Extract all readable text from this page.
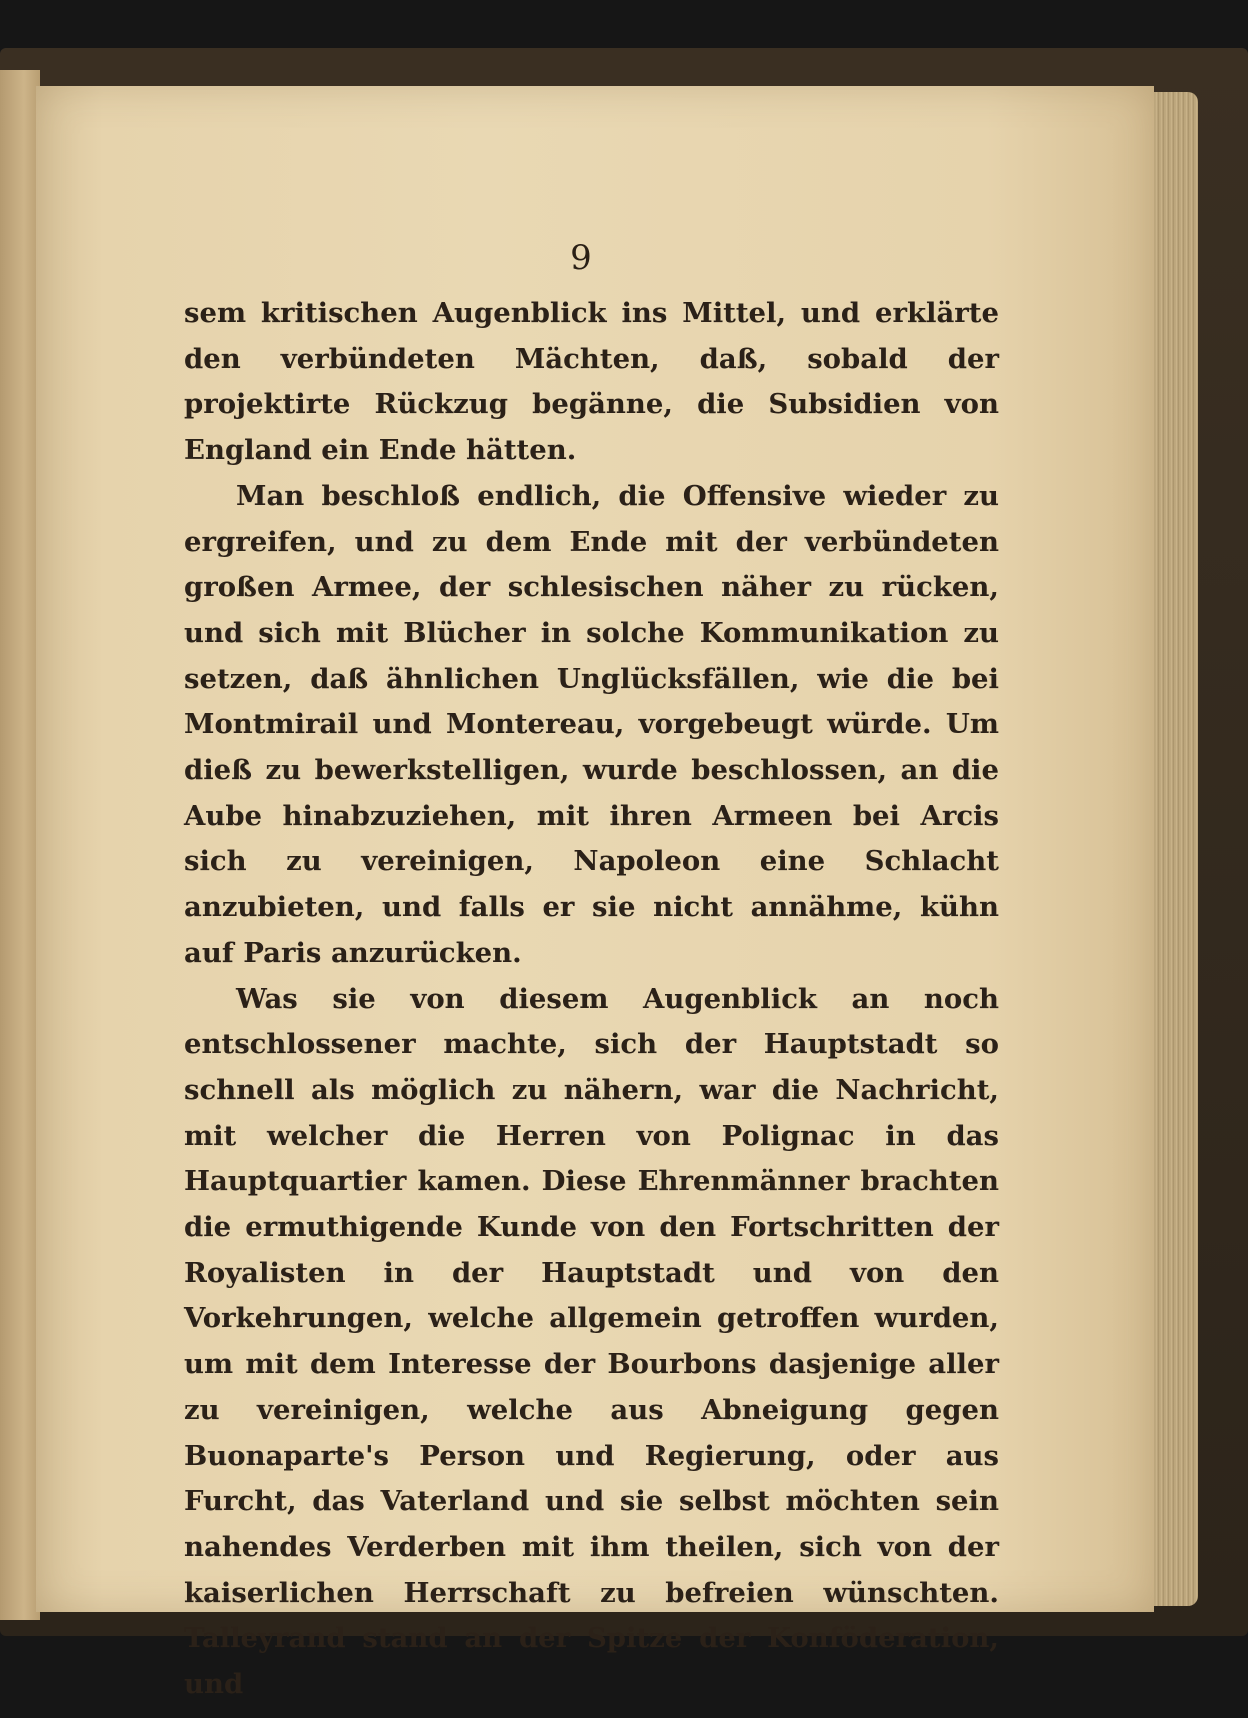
9

sem kritischen Augenblick ins Mittel, und erklärte den verbündeten Mächten, daß, sobald der projektirte Rückzug begänne, die Subsidien von England ein Ende hätten.

Man beschloß endlich, die Offensive wieder zu ergreifen, und zu dem Ende mit der verbündeten großen Armee, der schlesischen näher zu rücken, und sich mit Blücher in solche Kommunikation zu setzen, daß ähnlichen Unglücksfällen, wie die bei Montmirail und Montereau, vorgebeugt würde. Um dieß zu bewerkstelligen, wurde beschlossen, an die Aube hinabzuziehen, mit ihren Armeen bei Arcis sich zu vereinigen, Napoleon eine Schlacht anzubieten, und falls er sie nicht annähme, kühn auf Paris anzurücken.

Was sie von diesem Augenblick an noch entschlossener machte, sich der Hauptstadt so schnell als möglich zu nähern, war die Nachricht, mit welcher die Herren von Polignac in das Hauptquartier kamen. Diese Ehrenmänner brachten die ermuthigende Kunde von den Fortschritten der Royalisten in der Hauptstadt und von den Vorkehrungen, welche allgemein getroffen wurden, um mit dem Interesse der Bourbons dasjenige aller zu vereinigen, welche aus Abneigung gegen Buonaparte's Person und Regierung, oder aus Furcht, das Vaterland und sie selbst möchten sein nahendes Verderben mit ihm theilen, sich von der kaiserlichen Herrschaft zu befreien wünschten. Talleyrand stand an der Spitze der Konföderation, und
